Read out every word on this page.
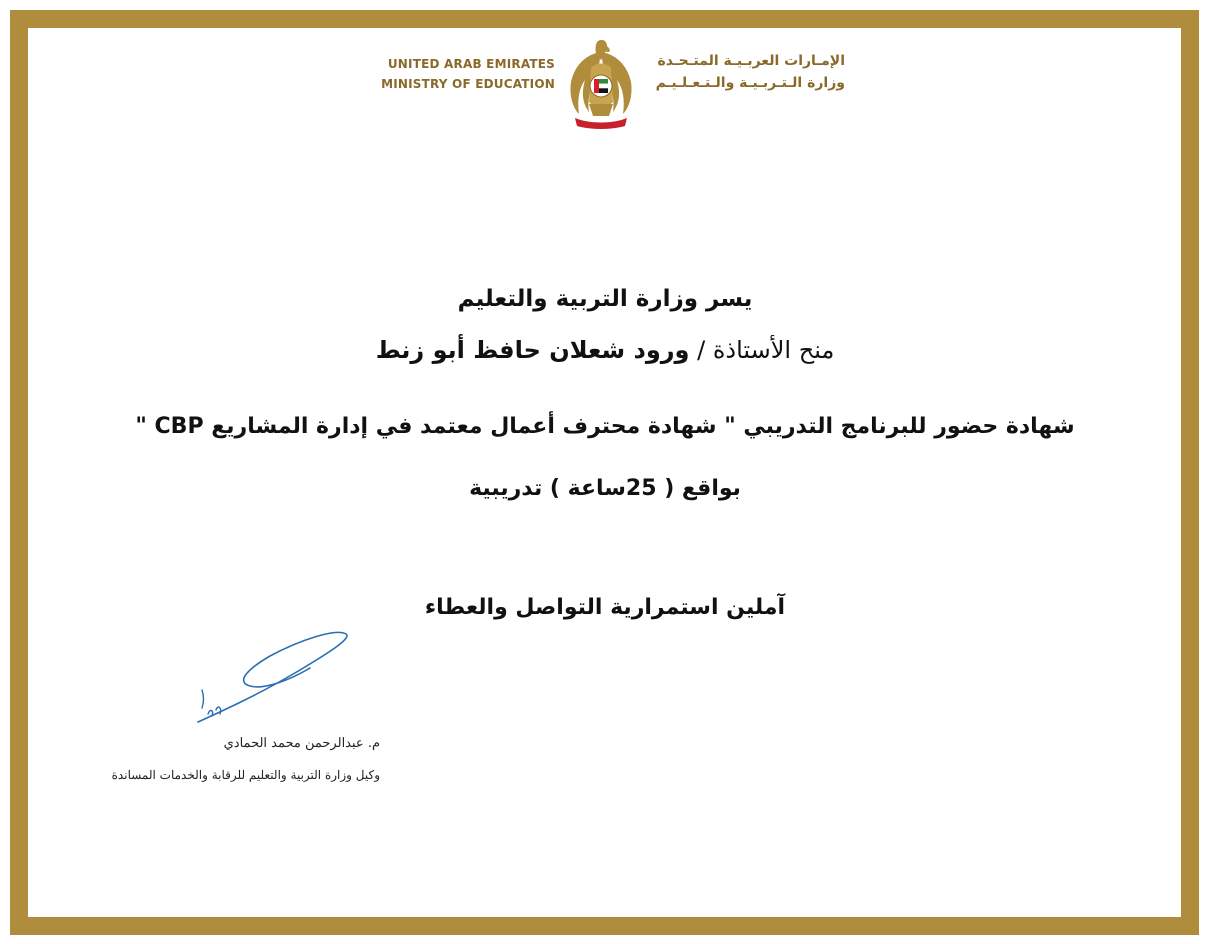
UNITED ARAB EMIRATES
MINISTRY OF EDUCATION
الإمـارات العربـيـة المتـحـدة
وزارة الـتـربـيـة والـتـعـلـيـم
يسر وزارة التربية والتعليم
منح الأستاذة / ورود شعلان حافظ أبو زنط
شهادة حضور للبرنامج التدريبي " شهادة محترف أعمال معتمد في إدارة المشاريع CBP "
بواقع ( 25ساعة ) تدريبية
آملين استمرارية التواصل والعطاء
م. عبدالرحمن محمد الحمادي
وكيل وزارة التربية والتعليم للرقابة والخدمات المساندة
